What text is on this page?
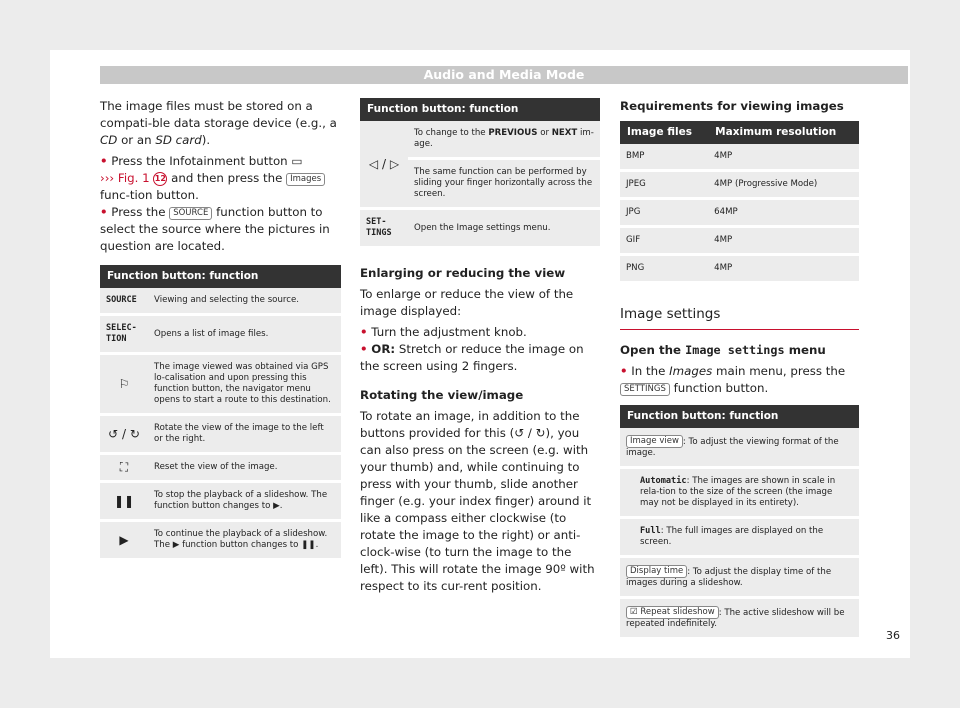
Audio and Media Mode

The image files must be stored on a compati-ble data storage device (e.g., a CD or an SD card).

• Press the Infotainment button ▭
››› Fig. 1 12 and then press the Images func-tion button.

• Press the SOURCE function button to select the source where the pictures in question are located.

Function button: function	
SOURCE	Viewing and selecting the source.
SELEC-TION	Opens a list of image files.
⚐	The image viewed was obtained via GPS lo-calisation and upon pressing this function button, the navigator menu opens to start a route to this destination.
↺ / ↻	Rotate the view of the image to the left or the right.
⛶	Reset the view of the image.
❚❚	To stop the playback of a slideshow. The function button changes to ▶.
▶	To continue the playback of a slideshow. The ▶ function button changes to ❚❚.
Function button: function	
◁ / ▷	To change to the PREVIOUS or NEXT im-age.
	The same function can be performed by sliding your finger horizontally across the screen.
SET-TINGS	Open the Image settings menu.

Enlarging or reducing the view

To enlarge or reduce the view of the image displayed:

• Turn the adjustment knob.

• OR: Stretch or reduce the image on the screen using 2 fingers.

Rotating the view/image

To rotate an image, in addition to the buttons provided for this (↺ / ↻), you can also press on the screen (e.g. with your thumb) and, while continuing to press with your thumb, slide another finger (e.g. your index finger) around it like a compass either clockwise (to rotate the image to the right) or anti-clock-wise (to turn the image to the left). This will rotate the image 90º with respect to its cur-rent position.

Requirements for viewing images

Image files	Maximum resolution
BMP	4MP
JPEG	4MP (Progressive Mode)
JPG	64MP
GIF	4MP
PNG	4MP
Image settings

Open the Image settings menu

• In the Images main menu, press the SETTINGS function button.

Function button: function
Image view : To adjust the viewing format of the image.
Automatic: The images are shown in scale in rela-tion to the size of the screen (the image may not be displayed in its entirety).
Full: The full images are displayed on the screen.
Display time : To adjust the display time of the images during a slideshow.
☑ Repeat slideshow : The active slideshow will be repeated indefinitely.
36
